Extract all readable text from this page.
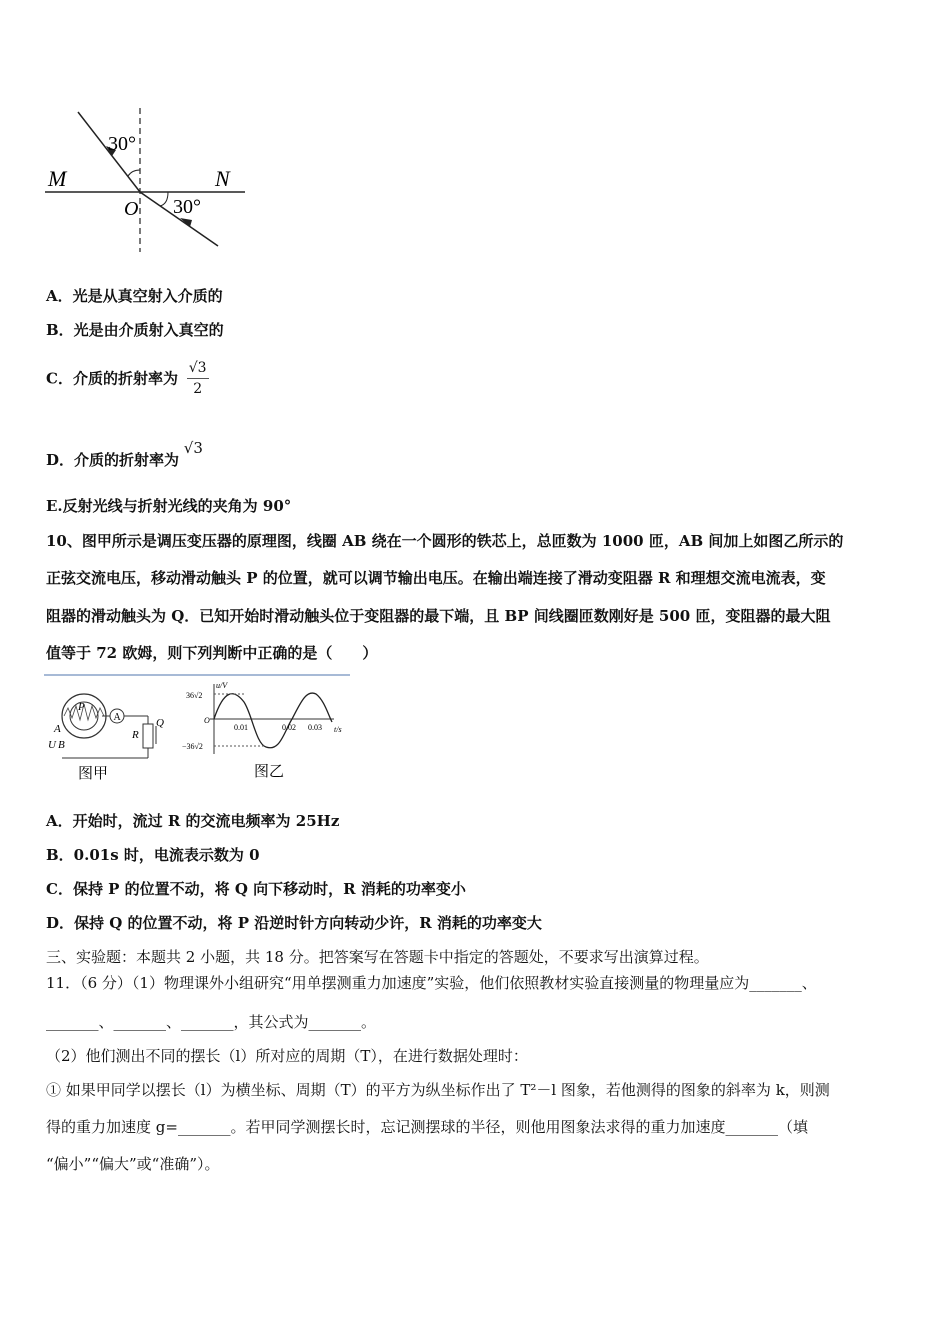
30°
30°
M	N
O
A．光是从真空射入介质的
B．光是由介质射入真空的
C．介质的折射率为 $\frac{√3}{2}$
D．介质的折射率为 √3
E.反射光线与折射光线的夹角为 90°
10、图甲所示是调压变压器的原理图，线圈 AB 绕在一个圆形的铁芯上，总匝数为 1000 匝，AB 间加上如图乙所示的
正弦交流电压，移动滑动触头 P 的位置，就可以调节输出电压。在输出端连接了滑动变阻器 R 和理想交流电流表，变
阻器的滑动触头为 Q．已知开始时滑动触头位于变阻器的最下端，且 BP 间线圈匝数刚好是 500 匝，变阻器的最大阻
值等于 72 欧姆，则下列判断中正确的是（　　）
A
P
Q
R
A
U B
图甲
u/V
t/s
36√2
−36√2
O
0.01	0.02 0.03
图乙
A．开始时，流过 R 的交流电频率为 25Hz
B．0.01s 时，电流表示数为 0
C．保持 P 的位置不动，将 Q 向下移动时，R 消耗的功率变小
D．保持 Q 的位置不动，将 P 沿逆时针方向转动少许，R 消耗的功率变大
三、实验题：本题共 2 小题，共 18 分。把答案写在答题卡中指定的答题处，不要求写出演算过程。
11．（6 分）（1）物理课外小组研究“用单摆测重力加速度”实验，他们依照教材实验直接测量的物理量应为_______、
_______、_______、_______，其公式为_______。
（2）他们测出不同的摆长（l）所对应的周期（T），在进行数据处理时：
① 如果甲同学以摆长（l）为横坐标、周期（T）的平方为纵坐标作出了 T²－l 图象，若他测得的图象的斜率为 k，则测
得的重力加速度 g=_______。若甲同学测摆长时，忘记测摆球的半径，则他用图象法求得的重力加速度_______（填
“偏小”“偏大”或“准确”）。
